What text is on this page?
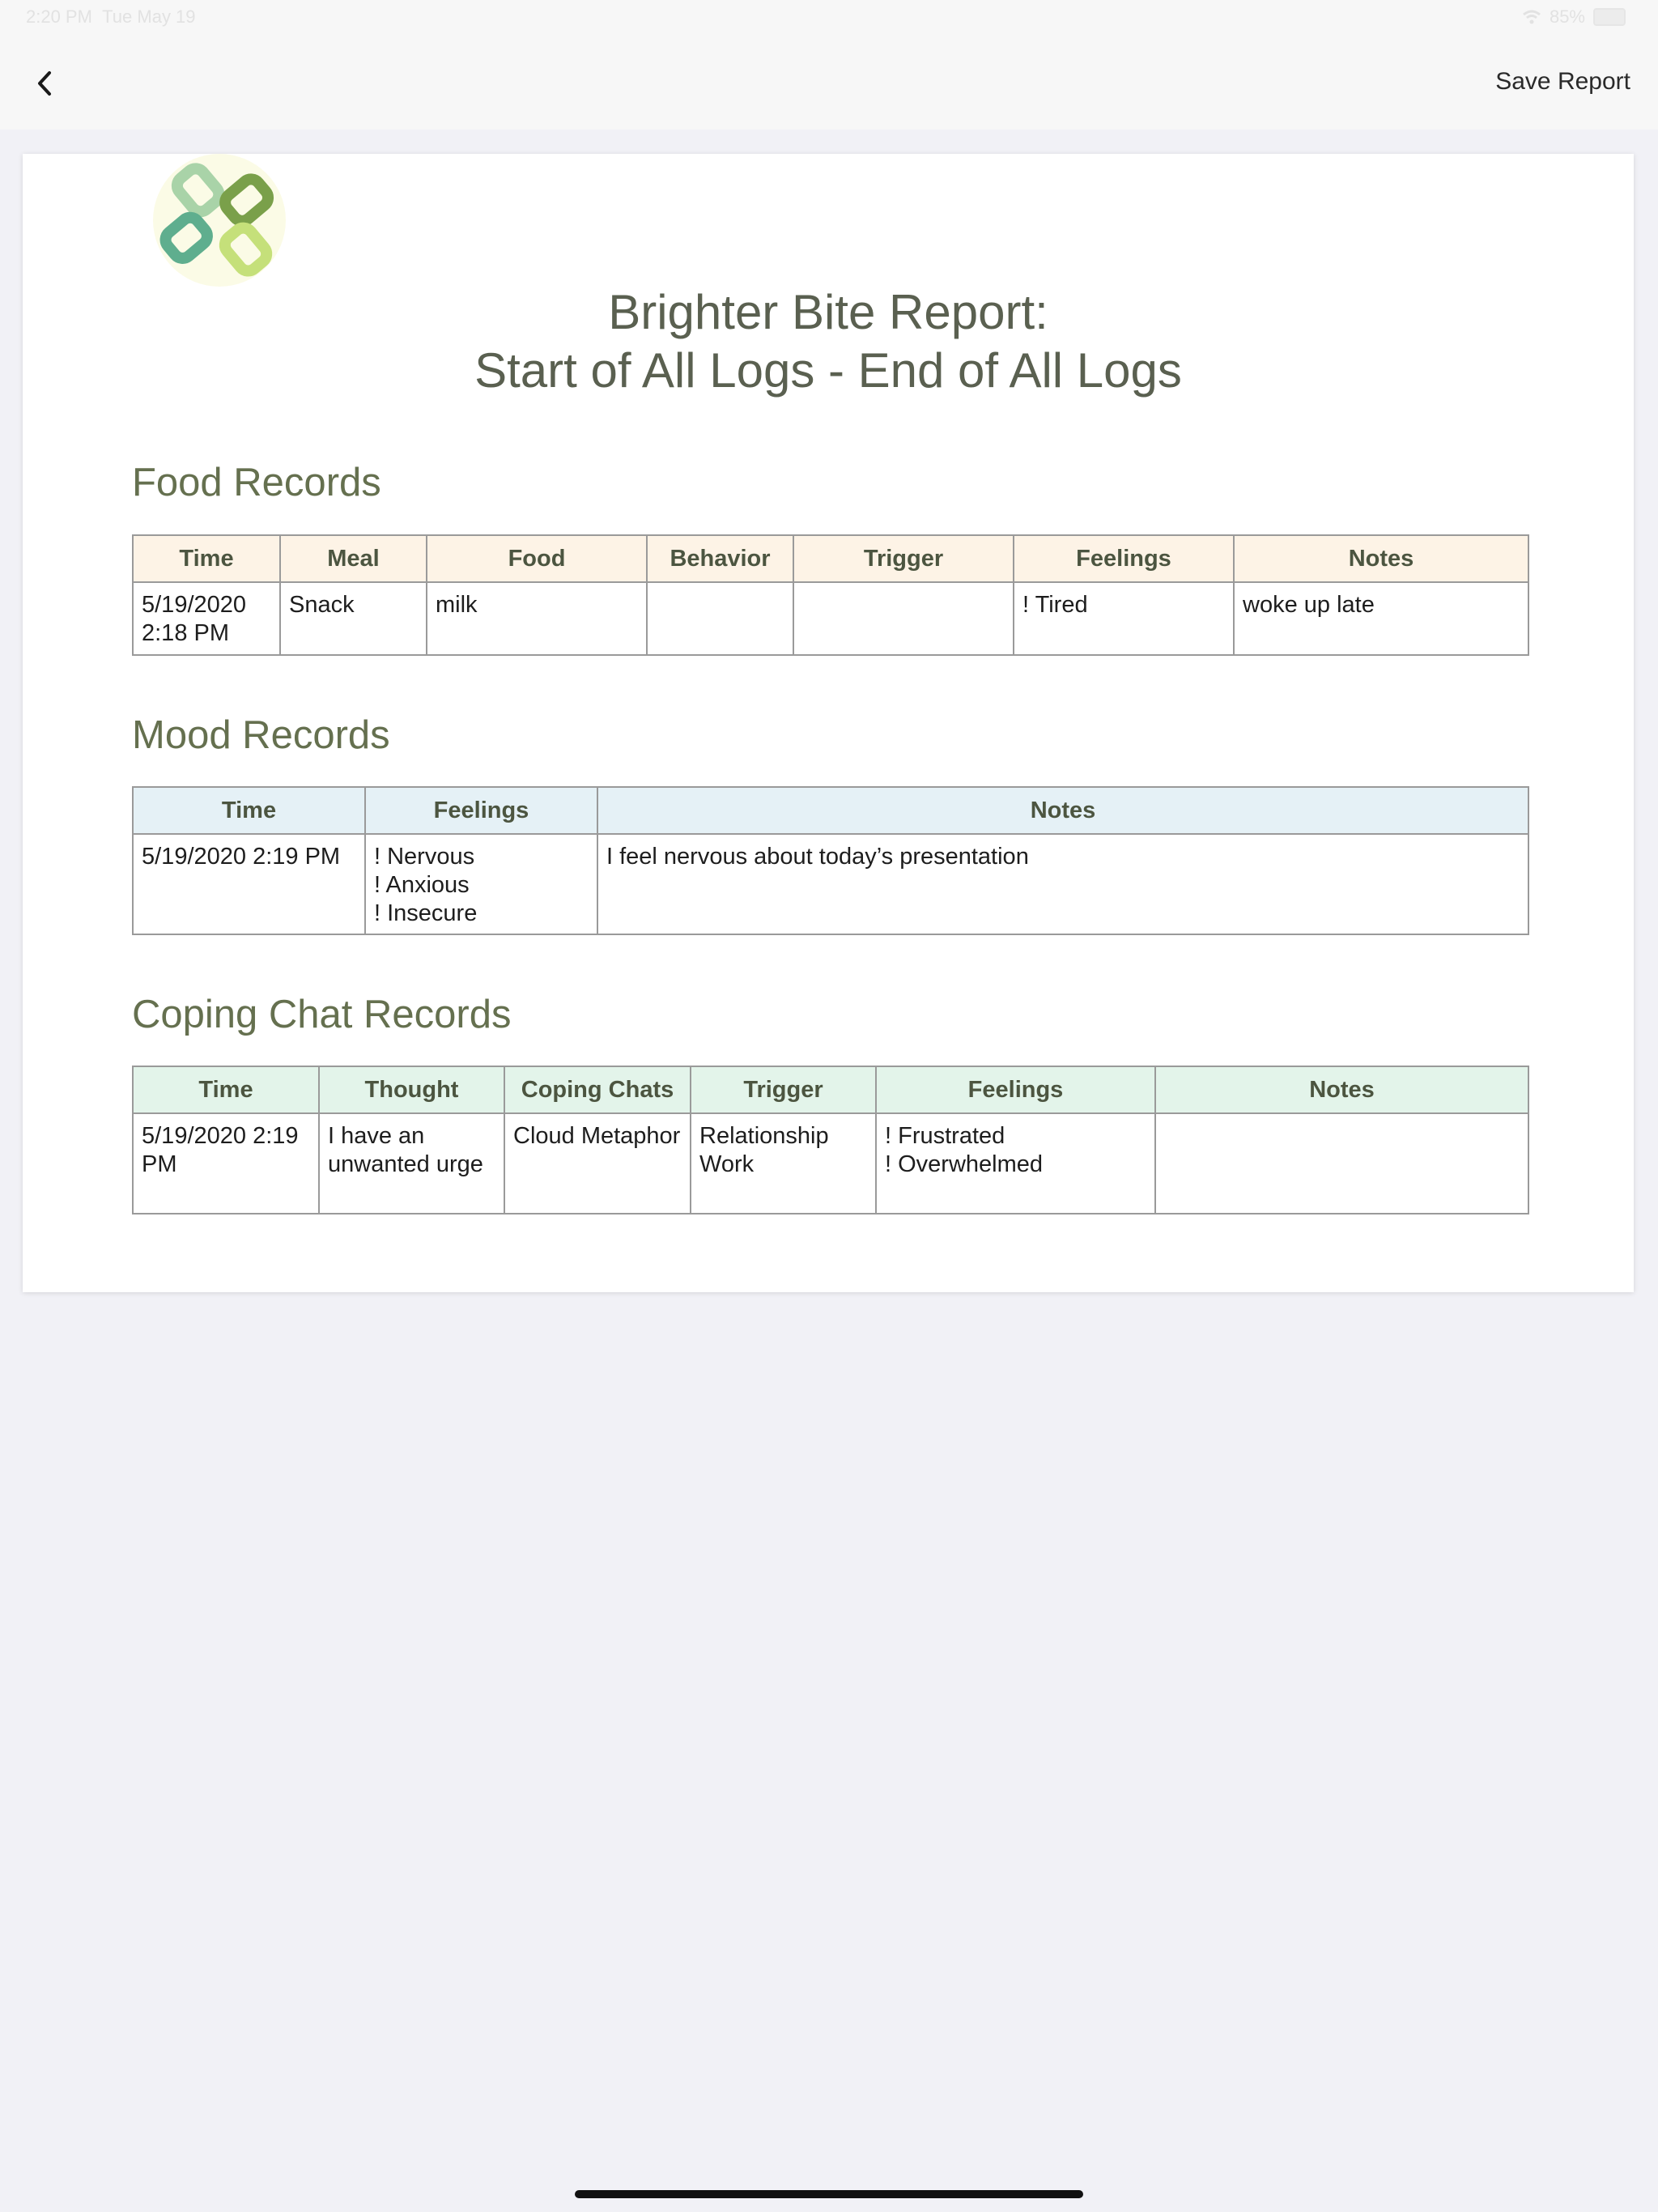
2:20 PM Tue May 19	85%
Save Report
Brighter Bite Report:
Start of All Logs - End of All Logs
Food Records
Time	Meal	Food	Behavior	Trigger	Feelings	Notes

5/19/2020
2:18 PM	Snack	milk			! Tired	woke up late
Mood Records
Time	Feelings	Notes
5/19/2020 2:19 PM	! Nervous
! Anxious
! Insecure	I feel nervous about today’s presentation
Coping Chat Records
Time	Thought	Coping Chats	Trigger	Feelings	Notes
5/19/2020 2:19 PM	I have an unwanted urge	Cloud Metaphor	Relationship Work	! Frustrated
! Overwhelmed	
